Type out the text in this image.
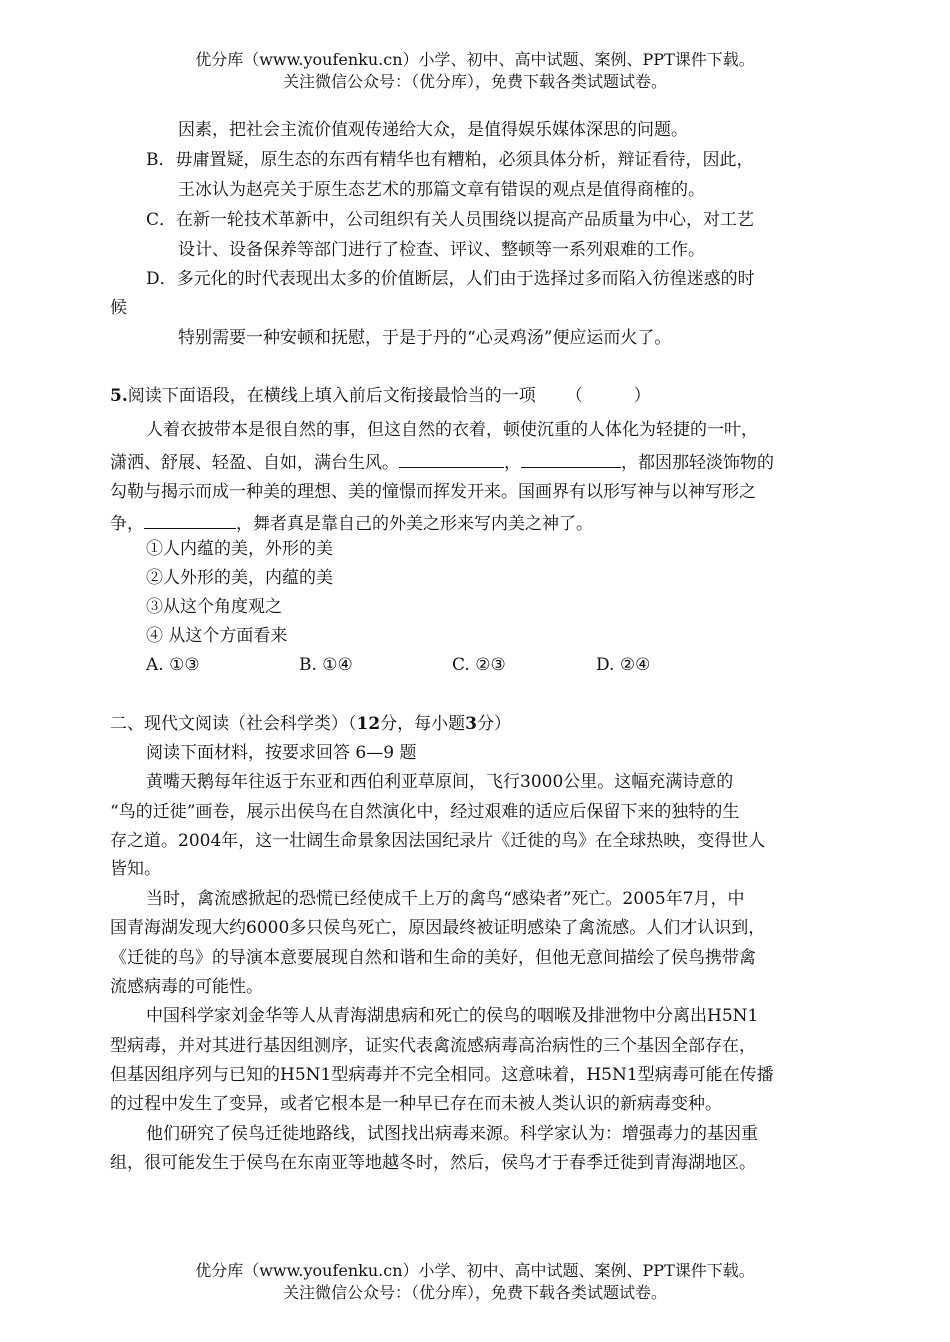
优分库（www.youfenku.cn）小学、初中、高中试题、案例、PPT课件下载。
关注微信公众号：（优分库），免费下载各类试题试卷。
因素，把社会主流价值观传递给大众，是值得娱乐媒体深思的问题。
B．毋庸置疑，原生态的东西有精华也有糟粕，必须具体分析，辩证看待，因此，
王冰认为赵亮关于原生态艺术的那篇文章有错误的观点是值得商榷的。
C．在新一轮技术革新中，公司组织有关人员围绕以提高产品质量为中心，对工艺
设计、设备保养等部门进行了检查、评议、整顿等一系列艰难的工作。
D．多元化的时代表现出太多的价值断层，人们由于选择过多而陷入彷徨迷惑的时
候
特别需要一种安顿和抚慰，于是于丹的“心灵鸡汤”便应运而火了。
5.阅读下面语段，在横线上填入前后文衔接最恰当的一项 （　　　）
人着衣披带本是很自然的事，但这自然的衣着，顿使沉重的人体化为轻捷的一叶，
潇洒、舒展、轻盈、自如，满台生风。	，	，都因那轻淡饰物的
勾勒与揭示而成一种美的理想、美的憧憬而挥发开来。国画界有以形写神与以神写形之
争，	，舞者真是靠自己的外美之形来写内美之神了。
①人内蕴的美，外形的美
②人外形的美，内蕴的美
③从这个角度观之
④ 从这个方面看来
A. ①③	B. ①④	C. ②③	D. ②④
二、现代文阅读（社会科学类）（12分，每小题3分）
阅读下面材料，按要求回答 6—9 题
黄嘴天鹅每年往返于东亚和西伯利亚草原间，飞行3000公里。这幅充满诗意的
“鸟的迁徙”画卷，展示出侯鸟在自然演化中，经过艰难的适应后保留下来的独特的生
存之道。2004年，这一壮阔生命景象因法国纪录片《迁徙的鸟》在全球热映，变得世人
皆知。
当时，禽流感掀起的恐慌已经使成千上万的禽鸟“感染者”死亡。2005年7月，中
国青海湖发现大约6000多只侯鸟死亡，原因最终被证明感染了禽流感。人们才认识到，
《迁徙的鸟》的导演本意要展现自然和谐和生命的美好，但他无意间描绘了侯鸟携带禽
流感病毒的可能性。
中国科学家刘金华等人从青海湖患病和死亡的侯鸟的咽喉及排泄物中分离出H5N1
型病毒，并对其进行基因组测序，证实代表禽流感病毒高治病性的三个基因全部存在，
但基因组序列与已知的H5N1型病毒并不完全相同。这意味着，H5N1型病毒可能在传播
的过程中发生了变异，或者它根本是一种早已存在而未被人类认识的新病毒变种。
他们研究了侯鸟迁徙地路线，试图找出病毒来源。科学家认为：增强毒力的基因重
组，很可能发生于侯鸟在东南亚等地越冬时，然后，侯鸟才于春季迁徙到青海湖地区。
优分库（www.youfenku.cn）小学、初中、高中试题、案例、PPT课件下载。
关注微信公众号：（优分库），免费下载各类试题试卷。
